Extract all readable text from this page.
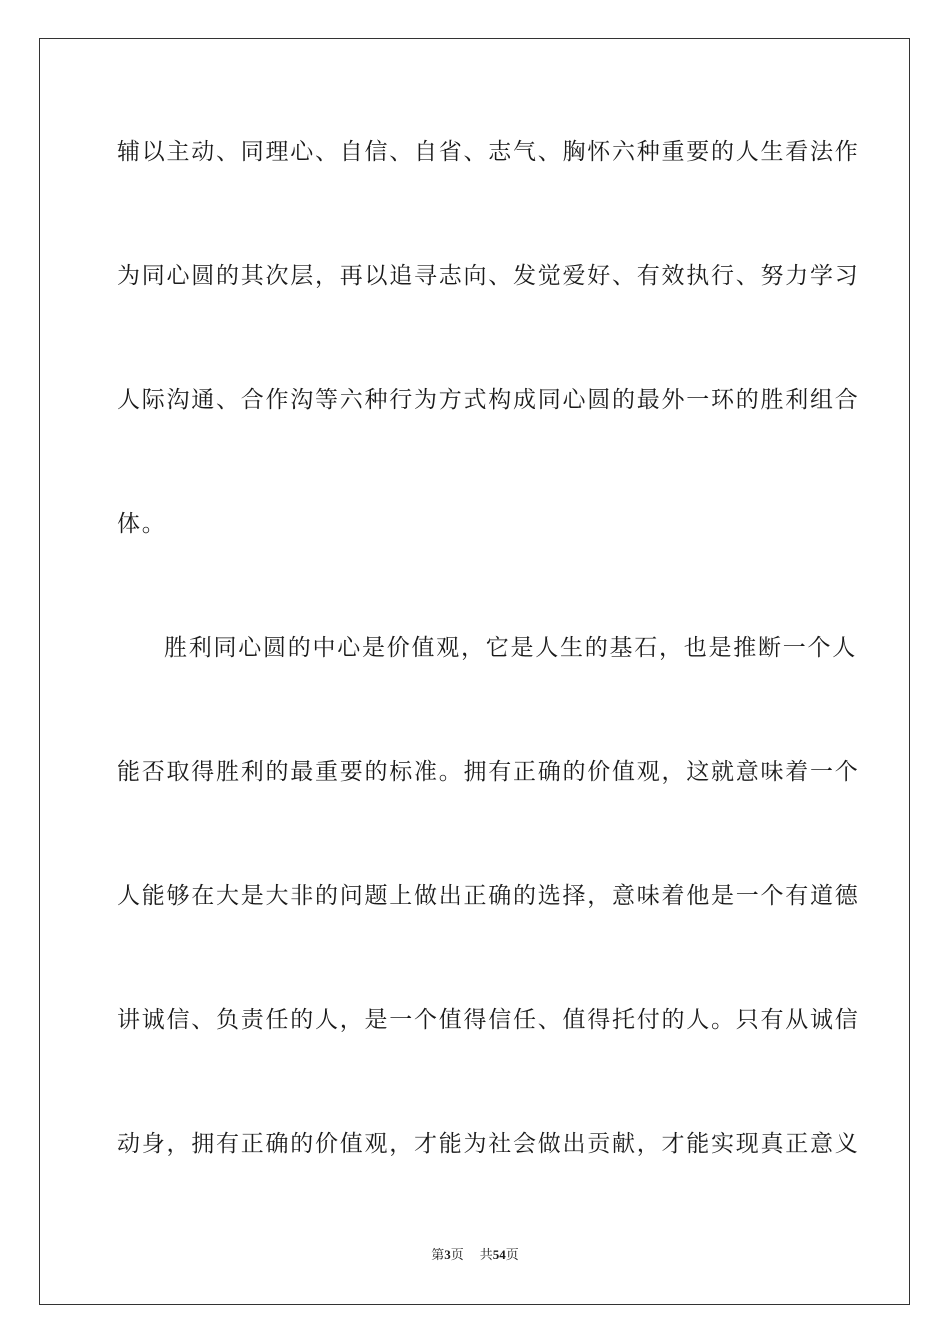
辅以主动、同理心、自信、自省、志气、胸怀六种重要的人生看法作
为同心圆的其次层，再以追寻志向、发觉爱好、有效执行、努力学习
人际沟通、合作沟等六种行为方式构成同心圆的最外一环的胜利组合
体。
胜利同心圆的中心是价值观，它是人生的基石，也是推断一个人
能否取得胜利的最重要的标准。拥有正确的价值观，这就意味着一个
人能够在大是大非的问题上做出正确的选择，意味着他是一个有道德
讲诚信、负责任的人，是一个值得信任、值得托付的人。只有从诚信
动身，拥有正确的价值观，才能为社会做出贡献，才能实现真正意义
第3页 共54页
